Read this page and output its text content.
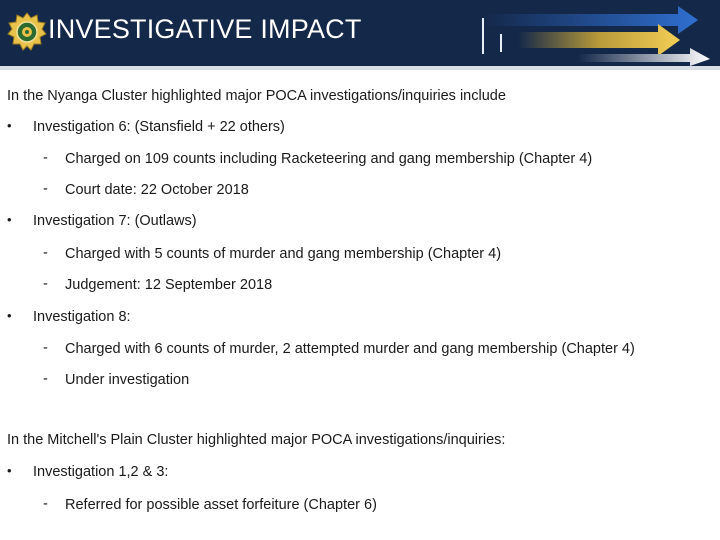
INVESTIGATIVE IMPACT
In the Nyanga Cluster highlighted major POCA investigations/inquiries include
• Investigation 6: (Stansfield + 22 others)
- Charged on 109 counts including Racketeering and gang membership (Chapter 4)
- Court date: 22 October 2018
• Investigation 7: (Outlaws)
- Charged with 5 counts of murder and gang membership (Chapter 4)
- Judgement: 12 September 2018
• Investigation 8:
- Charged with 6 counts of murder, 2 attempted murder and gang membership (Chapter 4)
- Under investigation
In the Mitchell's Plain Cluster highlighted major POCA investigations/inquiries:
• Investigation 1,2 & 3:
- Referred for possible asset forfeiture (Chapter 6)
